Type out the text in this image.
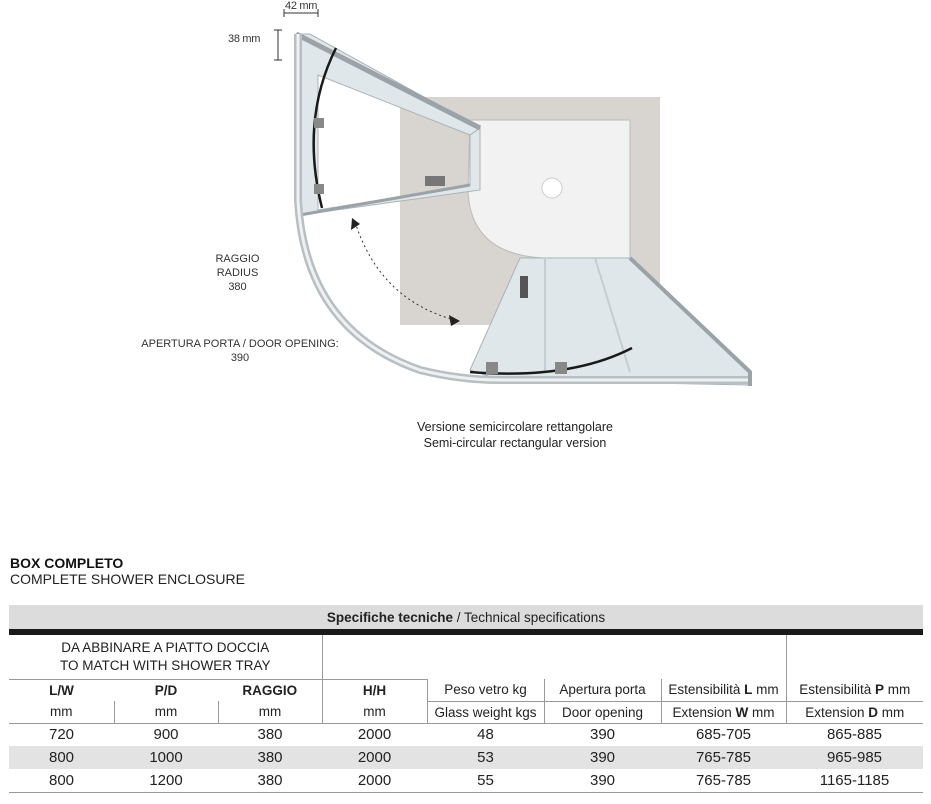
42 mm
38 mm
RAGGIO
RADIUS
380
APERTURA PORTA / DOOR OPENING:
390
Versione semicircolare rettangolare
Semi-circular rectangular version
BOX COMPLETO
COMPLETE SHOWER ENCLOSURE
Specifiche tecniche / Technical specifications							

DA ABBINARE A PIATTO DOCCIA
TO MATCH WITH SHOWER TRAY							

L/W	P/D	RAGGIO	H/H	Peso vetro kg	Apertura porta	Estensibilità L mm	Estensibilità P mm
mm	mm	mm	mm	Glass weight kgs	Door opening	Extension W mm	Extension D mm
720	900	380	2000	48	390	685-705	865-885
800	1000	380	2000	53	390	765-785	965-985
800	1200	380	2000	55	390	765-785	1165-1185
